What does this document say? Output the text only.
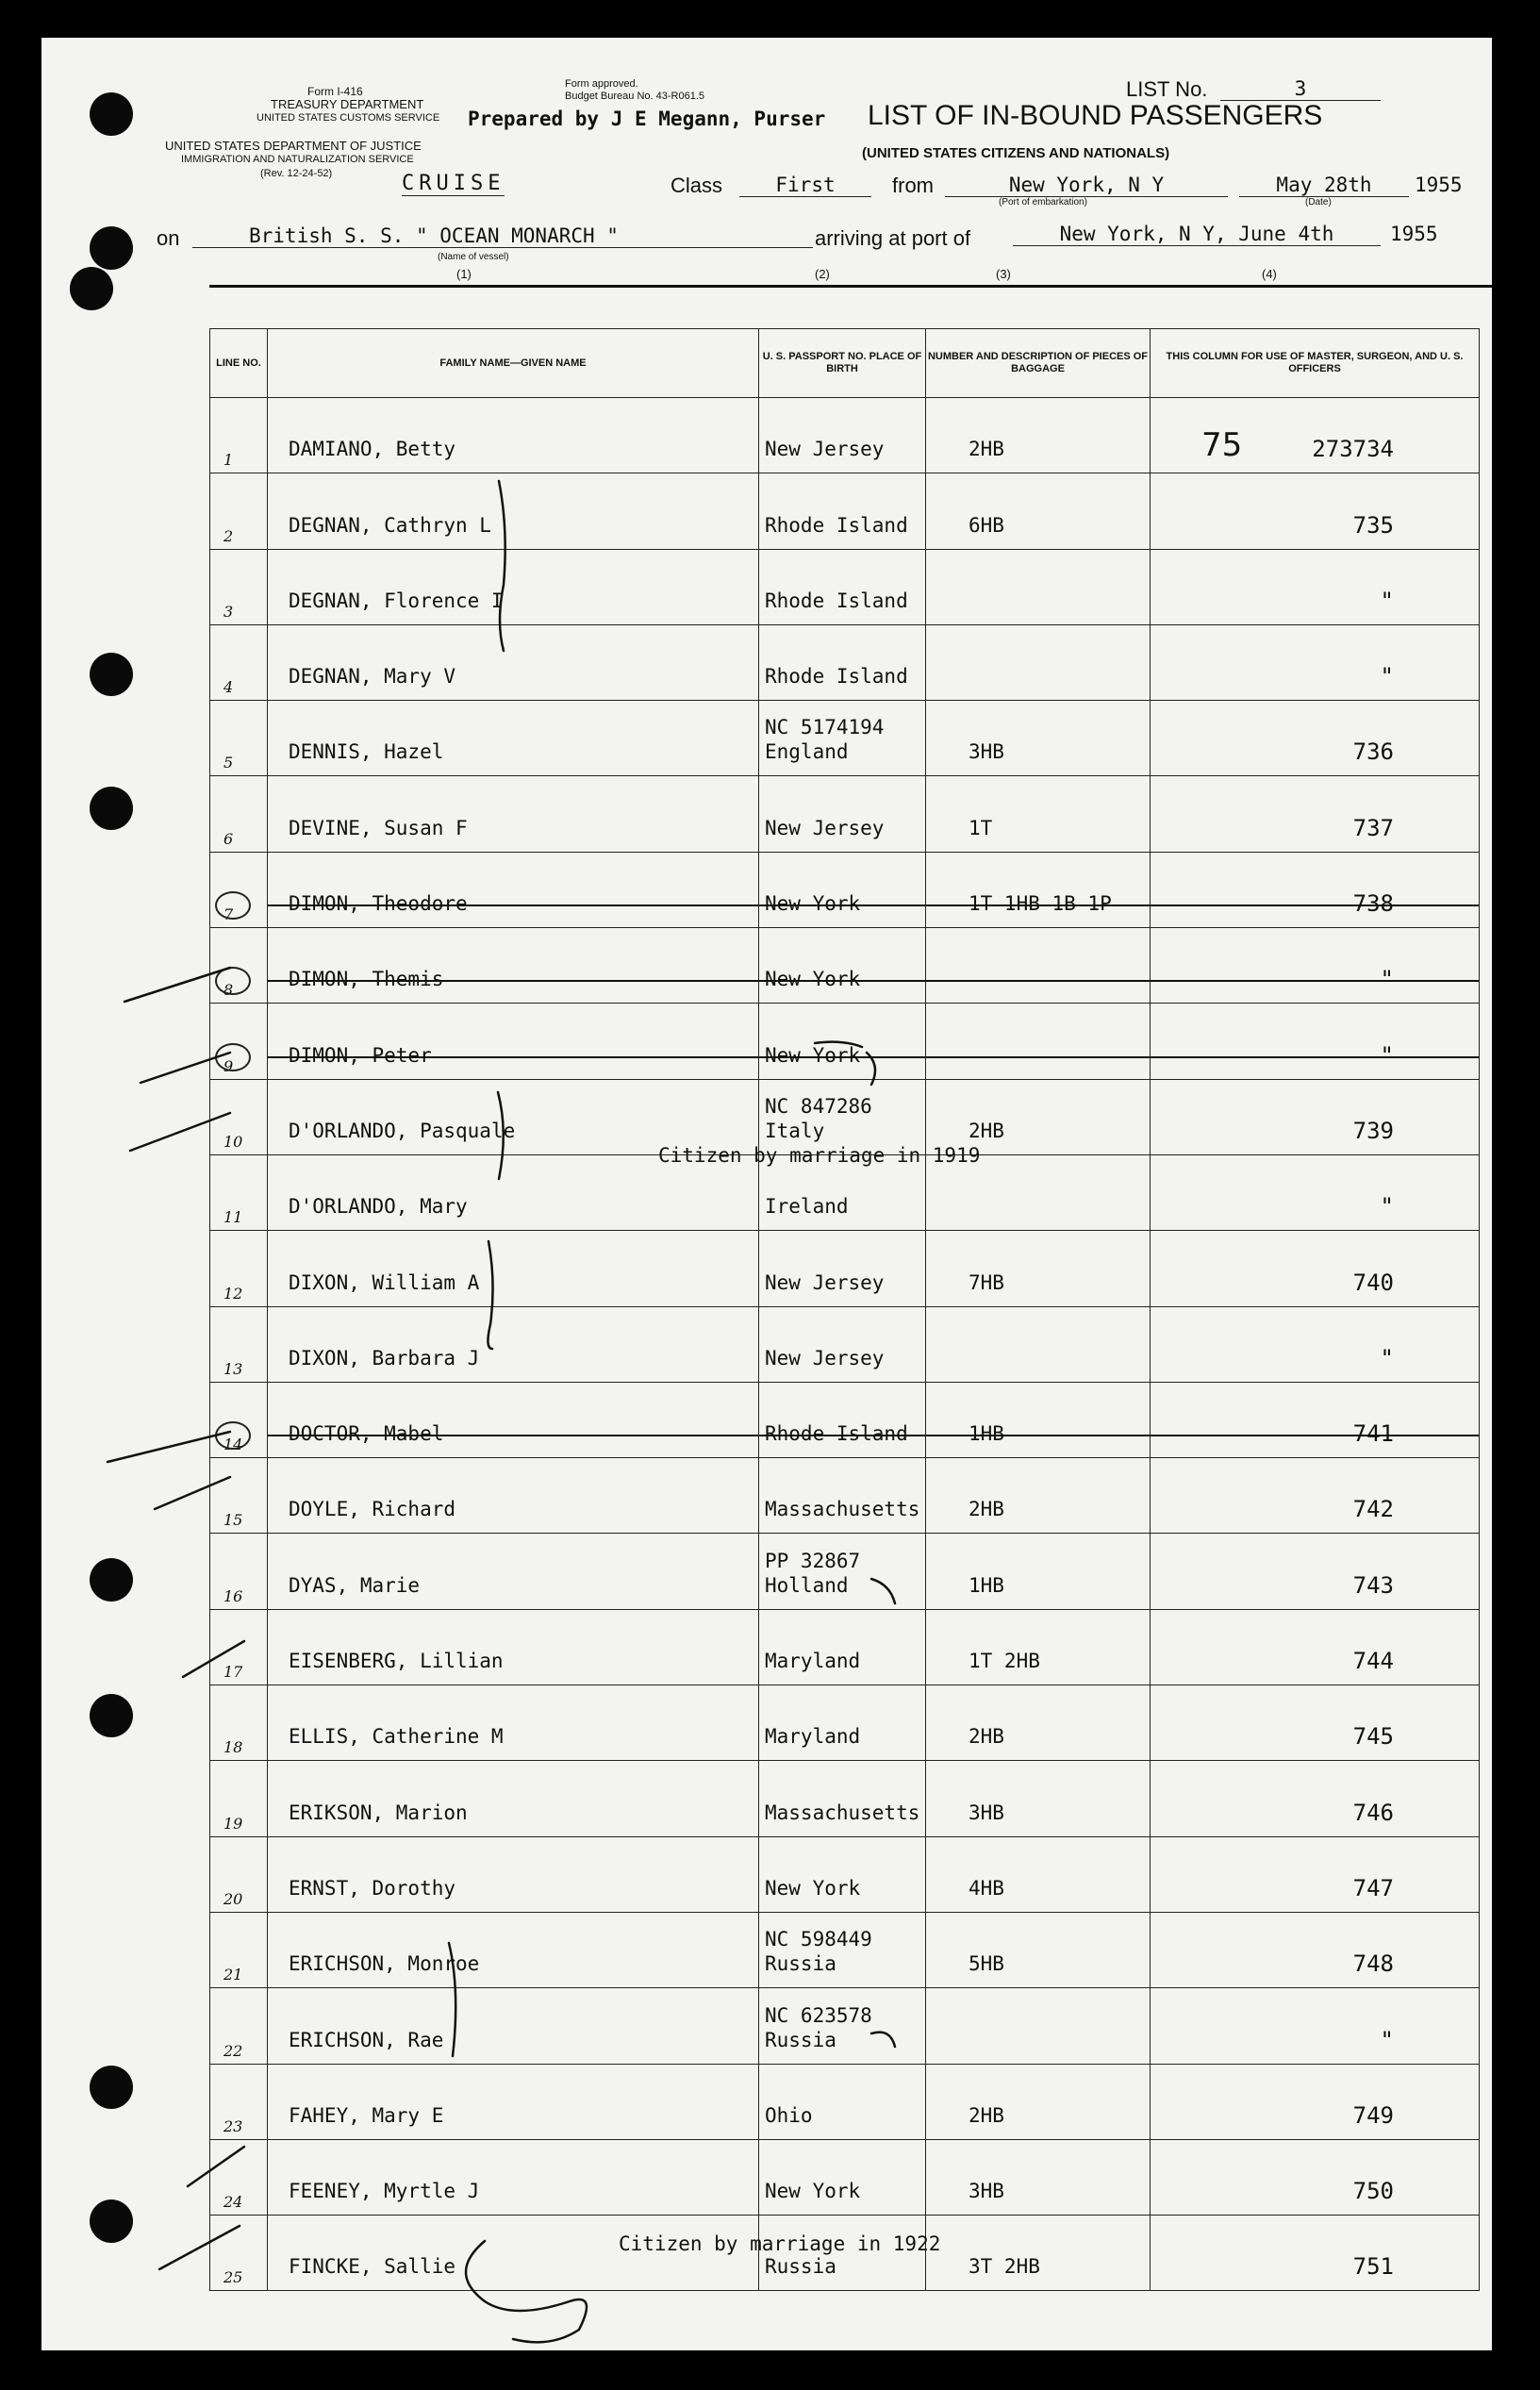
Form I-416
TREASURY DEPARTMENT
UNITED STATES CUSTOMS SERVICE
UNITED STATES DEPARTMENT OF JUSTICE
IMMIGRATION AND NATURALIZATION SERVICE
(Rev. 12-24-52)	CRUISE
Form approved.
Budget Bureau No. 43-R061.5
Prepared by J E Megann, Purser
LIST No.	3
LIST OF IN-BOUND PASSENGERS
(UNITED STATES CITIZENS AND NATIONALS)
Class	First	from	New York, N Y
(Port of embarkation)
May 28th
(Date)
1955
on	British S. S. " OCEAN MONARCH "
(Name of vessel)
arriving at port of	New York, N Y, June 4th	1955
(1)	(2)	(3)	(4)
LINE NO.	FAMILY NAME—GIVEN NAME	U. S. PASSPORT NO. PLACE OF BIRTH	NUMBER AND DESCRIPTION OF PIECES OF BAGGAGE	THIS COLUMN FOR USE OF MASTER, SURGEON, AND U. S. OFFICERS

1	DAMIANO, Betty	New Jersey	2HB	273734

2	DEGNAN, Cathryn L	Rhode Island	6HB	735

3	DEGNAN, Florence I	Rhode Island		"

4	DEGNAN, Mary V	Rhode Island		"

5	DENNIS, Hazel	NC 5174194
England	3HB	736

6	DEVINE, Susan F	New Jersey	1T	737

7	DIMON, Theodore	New York	1T 1HB 1B 1P	738

8	DIMON, Themis	New York		"

9	DIMON, Peter	New York		"

10	D'ORLANDO, Pasquale	NC 847286
Italy	2HB	739

11	D'ORLANDO, Mary	Ireland		"

12	DIXON, William A	New Jersey	7HB	740

13	DIXON, Barbara J	New Jersey		"

14	DOCTOR, Mabel	Rhode Island	1HB	741

15	DOYLE, Richard	Massachusetts	2HB	742

16	DYAS, Marie	PP 32867
Holland	1HB	743

17	EISENBERG, Lillian	Maryland	1T 2HB	744

18	ELLIS, Catherine M	Maryland	2HB	745

19	ERIKSON, Marion	Massachusetts	3HB	746

20	ERNST, Dorothy	New York	4HB	747

21	ERICHSON, Monroe	NC 598449
Russia	5HB	748

22	ERICHSON, Rae	NC 623578
Russia		"

23	FAHEY, Mary E	Ohio	2HB	749

24	FEENEY, Myrtle J	New York	3HB	750

25	FINCKE, Sallie	Russia	3T 2HB	751
75
Citizen by marriage in 1919
Citizen by marriage in 1922
